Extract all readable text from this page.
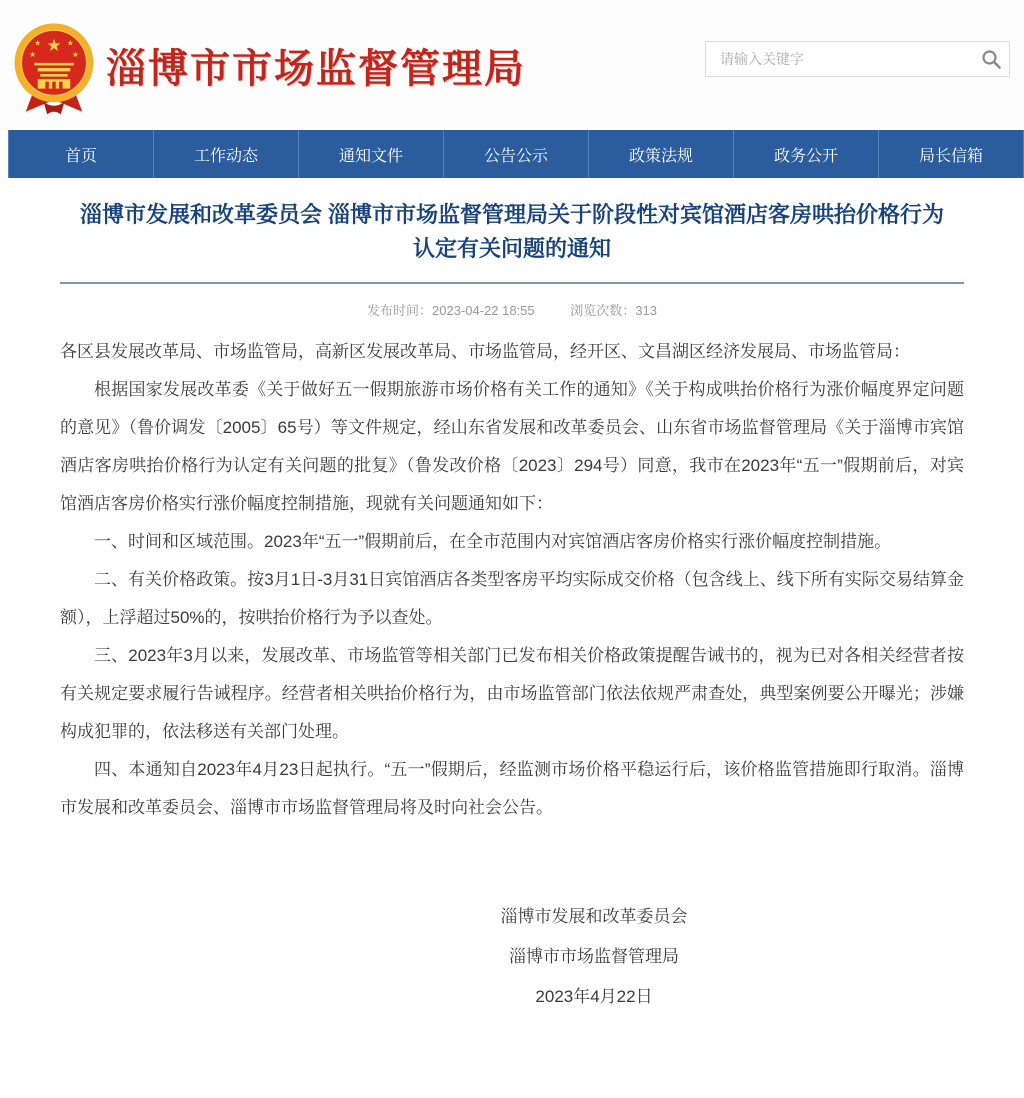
★
★	★
★	★ 淄博市市场监督管理局
请输入关键字
首页	工作动态	通知文件	公告公示	政策法规	政务公开	局长信箱
淄博市发展和改革委员会 淄博市市场监督管理局关于阶段性对宾馆酒店客房哄抬价格行为认定有关问题的通知
发布时间：2023-04-22 18:55	浏览次数：313

各区县发展改革局、市场监管局，高新区发展改革局、市场监管局，经开区、文昌湖区经济发展局、市场监管局：

根据国家发展改革委《关于做好五一假期旅游市场价格有关工作的通知》《关于构成哄抬价格行为涨价幅度界定问题的意见》（鲁价调发〔2005〕65号）等文件规定，经山东省发展和改革委员会、山东省市场监督管理局《关于淄博市宾馆酒店客房哄抬价格行为认定有关问题的批复》（鲁发改价格〔2023〕294号）同意，我市在2023年“五一”假期前后，对宾馆酒店客房价格实行涨价幅度控制措施，现就有关问题通知如下：

一、时间和区域范围。2023年“五一”假期前后，在全市范围内对宾馆酒店客房价格实行涨价幅度控制措施。

二、有关价格政策。按3月1日-3月31日宾馆酒店各类型客房平均实际成交价格（包含线上、线下所有实际交易结算金额），上浮超过50%的，按哄抬价格行为予以查处。

三、2023年3月以来，发展改革、市场监管等相关部门已发布相关价格政策提醒告诫书的，视为已对各相关经营者按有关规定要求履行告诫程序。经营者相关哄抬价格行为，由市场监管部门依法依规严肃查处，典型案例要公开曝光；涉嫌构成犯罪的，依法移送有关部门处理。

四、本通知自2023年4月23日起执行。“五一”假期后，经监测市场价格平稳运行后，该价格监管措施即行取消。淄博市发展和改革委员会、淄博市市场监督管理局将及时向社会公告。

淄博市发展和改革委员会
淄博市市场监督管理局
2023年4月22日
